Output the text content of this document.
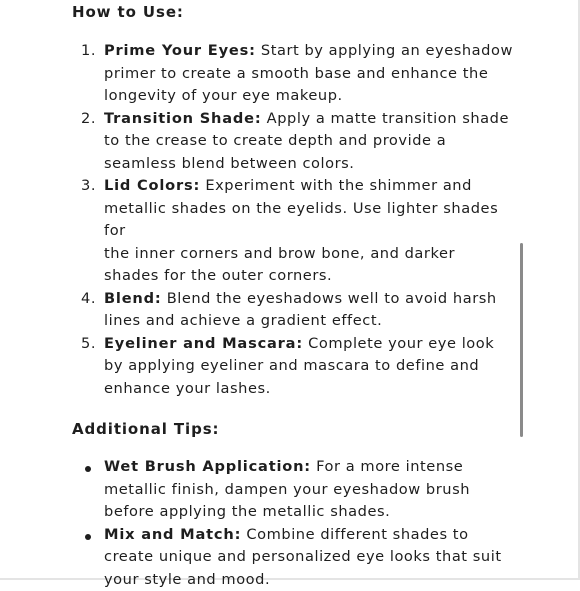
How to Use:
1. Prime Your Eyes: Start by applying an eyeshadow
primer to create a smooth base and enhance the
longevity of your eye makeup.
2. Transition Shade: Apply a matte transition shade
to the crease to create depth and provide a
seamless blend between colors.
3. Lid Colors: Experiment with the shimmer and
metallic shades on the eyelids. Use lighter shades for
the inner corners and brow bone, and darker
shades for the outer corners.
4. Blend: Blend the eyeshadows well to avoid harsh
lines and achieve a gradient effect.
5. Eyeliner and Mascara: Complete your eye look
by applying eyeliner and mascara to define and
enhance your lashes.
Additional Tips:
Wet Brush Application: For a more intense
metallic finish, dampen your eyeshadow brush
before applying the metallic shades.
Mix and Match: Combine different shades to
create unique and personalized eye looks that suit
your style and mood.
